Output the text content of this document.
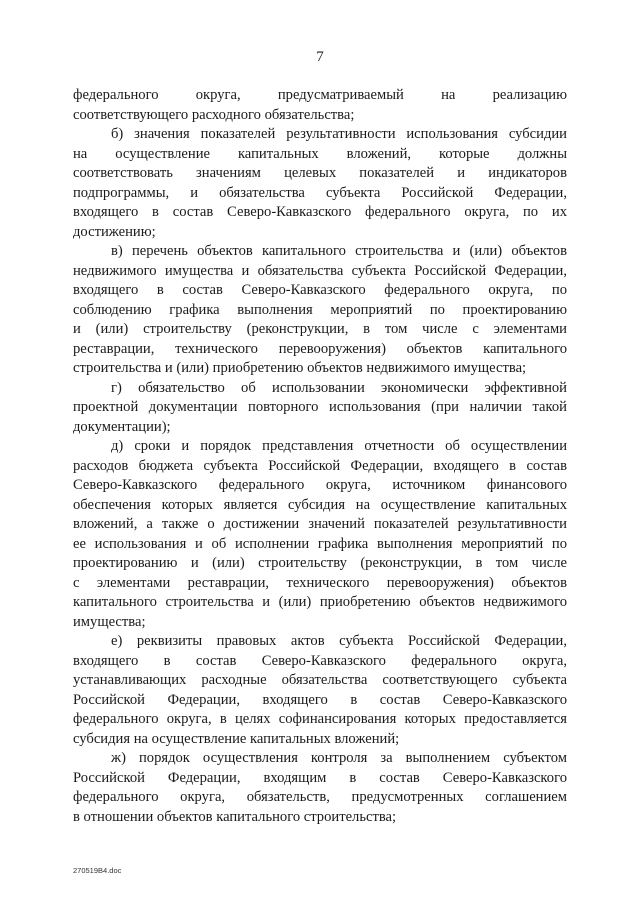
7
федерального округа, предусматриваемый на реализацию
соответствующего расходного обязательства;
б) значения показателей результативности использования субсидии
на осуществление капитальных вложений, которые должны
соответствовать значениям целевых показателей и индикаторов
подпрограммы, и обязательства субъекта Российской Федерации,
входящего в состав Северо-Кавказского федерального округа, по их
достижению;
в) перечень объектов капитального строительства и (или) объектов
недвижимого имущества и обязательства субъекта Российской Федерации,
входящего в состав Северо-Кавказского федерального округа, по
соблюдению графика выполнения мероприятий по проектированию
и (или) строительству (реконструкции, в том числе с элементами
реставрации, технического перевооружения) объектов капитального
строительства и (или) приобретению объектов недвижимого имущества;
г) обязательство об использовании экономически эффективной
проектной документации повторного использования (при наличии такой
документации);
д) сроки и порядок представления отчетности об осуществлении
расходов бюджета субъекта Российской Федерации, входящего в состав
Северо-Кавказского федерального округа, источником финансового
обеспечения которых является субсидия на осуществление капитальных
вложений, а также о достижении значений показателей результативности
ее использования и об исполнении графика выполнения мероприятий по
проектированию и (или) строительству (реконструкции, в том числе
с элементами реставрации, технического перевооружения) объектов
капитального строительства и (или) приобретению объектов недвижимого
имущества;
е) реквизиты правовых актов субъекта Российской Федерации,
входящего в состав Северо-Кавказского федерального округа,
устанавливающих расходные обязательства соответствующего субъекта
Российской Федерации, входящего в состав Северо-Кавказского
федерального округа, в целях софинансирования которых предоставляется
субсидия на осуществление капитальных вложений;
ж) порядок осуществления контроля за выполнением субъектом
Российской Федерации, входящим в состав Северо-Кавказского
федерального округа, обязательств, предусмотренных соглашением
в отношении объектов капитального строительства;
270519В4.doc
